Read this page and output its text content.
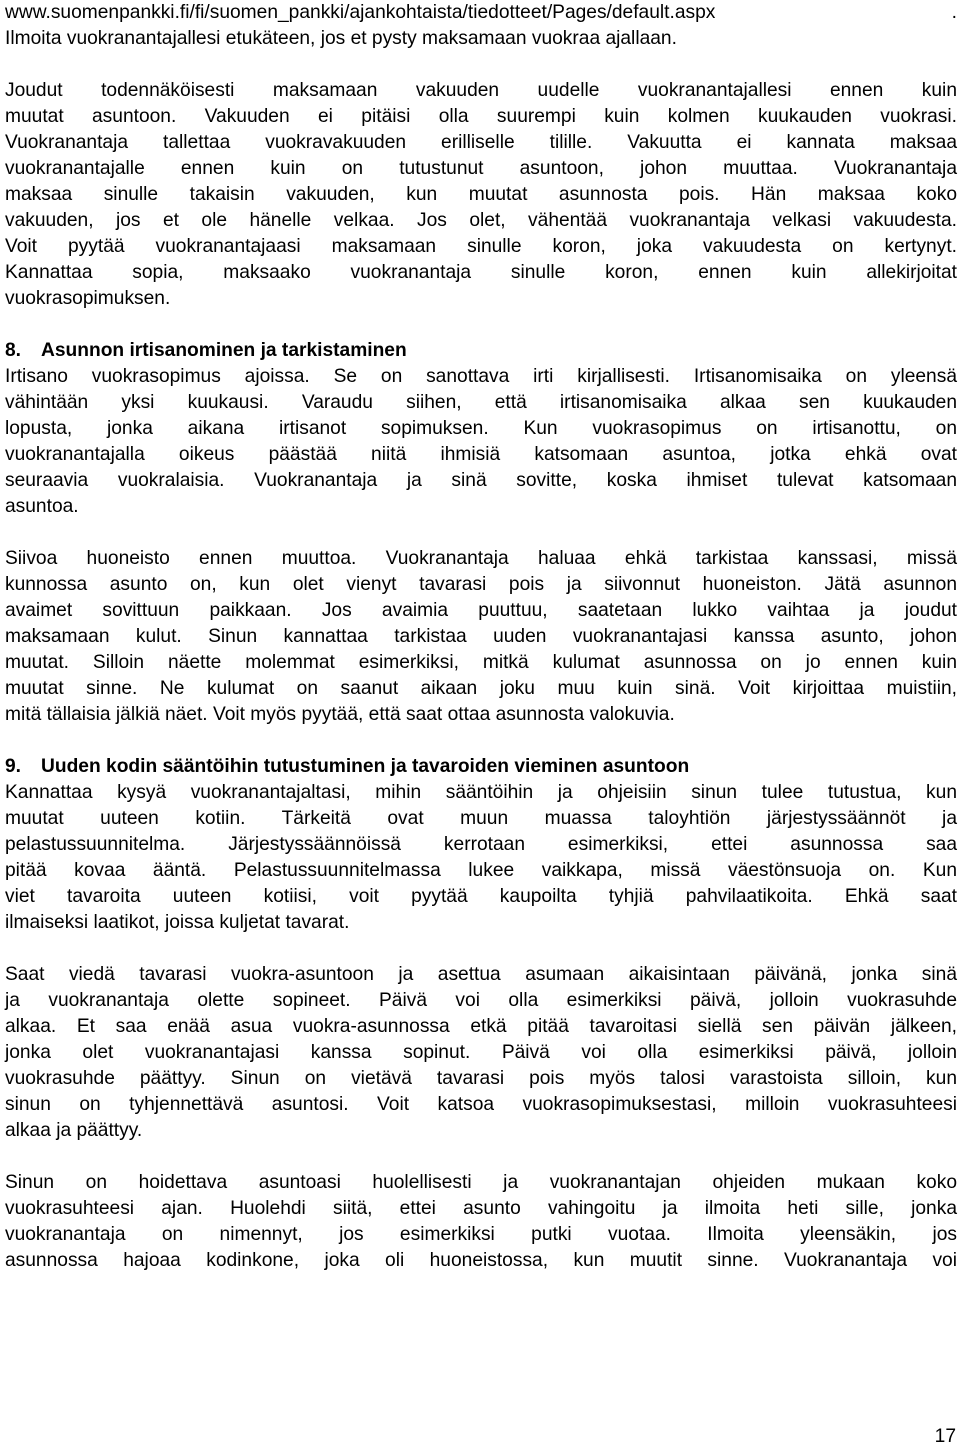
www.suomenpankki.fi/fi/suomen_pankki/ajankohtaista/tiedotteet/Pages/default.aspx	.
Ilmoita vuokranantajallesi etukäteen, jos et pysty maksamaan vuokraa ajallaan.
Joudut todennäköisesti maksamaan vakuuden uudelle vuokranantajallesi ennen kuin
muutat asuntoon. Vakuuden ei pitäisi olla suurempi kuin kolmen kuukauden vuokrasi.
Vuokranantaja tallettaa vuokravakuuden erilliselle tilille. Vakuutta ei kannata maksaa
vuokranantajalle ennen kuin on tutustunut asuntoon, johon muuttaa. Vuokranantaja
maksaa sinulle takaisin vakuuden, kun muutat asunnosta pois. Hän maksaa koko
vakuuden, jos et ole hänelle velkaa. Jos olet, vähentää vuokranantaja velkasi vakuudesta.
Voit pyytää vuokranantajaasi maksamaan sinulle koron, joka vakuudesta on kertynyt.
Kannattaa sopia, maksaako vuokranantaja sinulle koron, ennen kuin allekirjoitat
vuokrasopimuksen.
8. Asunnon irtisanominen ja tarkistaminen
Irtisano vuokrasopimus ajoissa. Se on sanottava irti kirjallisesti. Irtisanomisaika on yleensä
vähintään yksi kuukausi. Varaudu siihen, että irtisanomisaika alkaa sen kuukauden
lopusta, jonka aikana irtisanot sopimuksen. Kun vuokrasopimus on irtisanottu, on
vuokranantajalla oikeus päästää niitä ihmisiä katsomaan asuntoa, jotka ehkä ovat
seuraavia vuokralaisia. Vuokranantaja ja sinä sovitte, koska ihmiset tulevat katsomaan
asuntoa.
Siivoa huoneisto ennen muuttoa. Vuokranantaja haluaa ehkä tarkistaa kanssasi, missä
kunnossa asunto on, kun olet vienyt tavarasi pois ja siivonnut huoneiston. Jätä asunnon
avaimet sovittuun paikkaan. Jos avaimia puuttuu, saatetaan lukko vaihtaa ja joudut
maksamaan kulut. Sinun kannattaa tarkistaa uuden vuokranantajasi kanssa asunto, johon
muutat. Silloin näette molemmat esimerkiksi, mitkä kulumat asunnossa on jo ennen kuin
muutat sinne. Ne kulumat on saanut aikaan joku muu kuin sinä. Voit kirjoittaa muistiin,
mitä tällaisia jälkiä näet. Voit myös pyytää, että saat ottaa asunnosta valokuvia.
9. Uuden kodin sääntöihin tutustuminen ja tavaroiden vieminen asuntoon
Kannattaa kysyä vuokranantajaltasi, mihin sääntöihin ja ohjeisiin sinun tulee tutustua, kun
muutat uuteen kotiin. Tärkeitä ovat muun muassa taloyhtiön järjestyssäännöt ja
pelastussuunnitelma. Järjestyssäännöissä kerrotaan esimerkiksi, ettei asunnossa saa
pitää kovaa ääntä. Pelastussuunnitelmassa lukee vaikkapa, missä väestönsuoja on. Kun
viet tavaroita uuteen kotiisi, voit pyytää kaupoilta tyhjiä pahvilaatikoita. Ehkä saat
ilmaiseksi laatikot, joissa kuljetat tavarat.
Saat viedä tavarasi vuokra-asuntoon ja asettua asumaan aikaisintaan päivänä, jonka sinä
ja vuokranantaja olette sopineet. Päivä voi olla esimerkiksi päivä, jolloin vuokrasuhde
alkaa. Et saa enää asua vuokra-asunnossa etkä pitää tavaroitasi siellä sen päivän jälkeen,
jonka olet vuokranantajasi kanssa sopinut. Päivä voi olla esimerkiksi päivä, jolloin
vuokrasuhde päättyy. Sinun on vietävä tavarasi pois myös talosi varastoista silloin, kun
sinun on tyhjennettävä asuntosi. Voit katsoa vuokrasopimuksestasi, milloin vuokrasuhteesi
alkaa ja päättyy.
Sinun on hoidettava asuntoasi huolellisesti ja vuokranantajan ohjeiden mukaan koko
vuokrasuhteesi ajan. Huolehdi siitä, ettei asunto vahingoitu ja ilmoita heti sille, jonka
vuokranantaja on nimennyt, jos esimerkiksi putki vuotaa. Ilmoita yleensäkin, jos
asunnossa hajoaa kodinkone, joka oli huoneistossa, kun muutit sinne. Vuokranantaja voi
17
